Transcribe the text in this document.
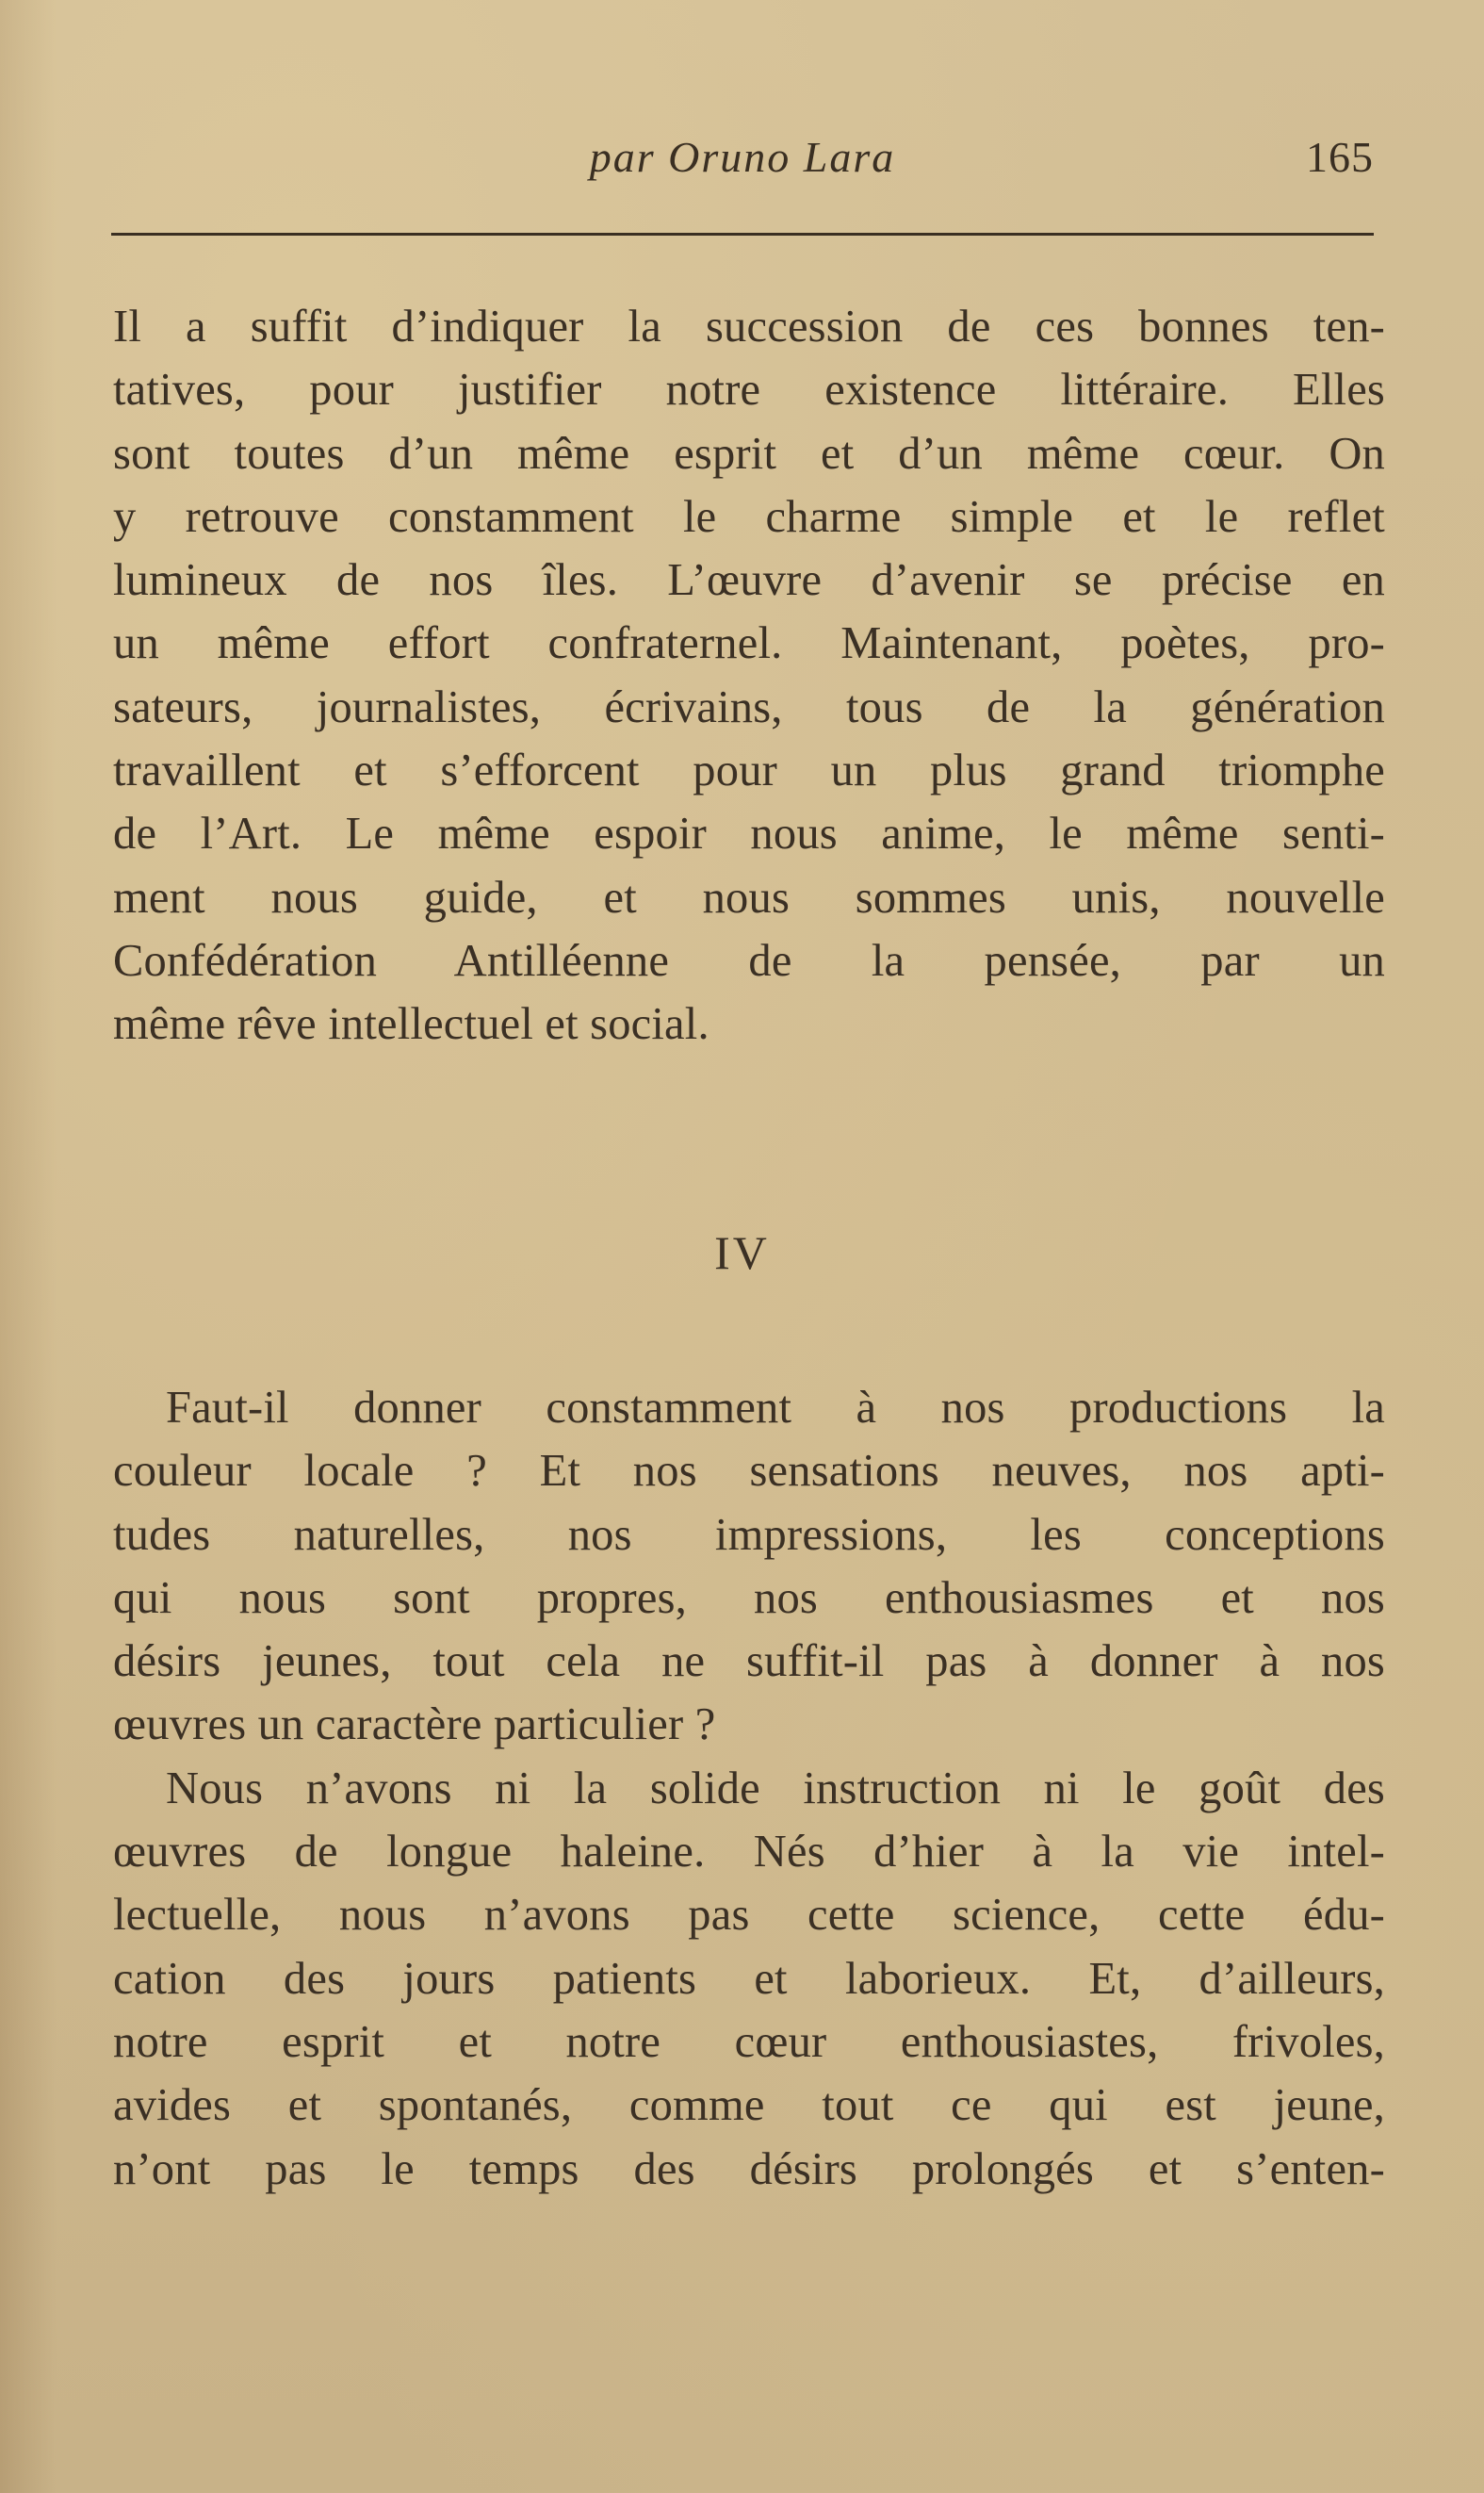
par Oruno Lara	165
Il a suffit d’indiquer la succession de ces bonnes ten-
tatives, pour justifier notre existence littéraire. Elles
sont toutes d’un même esprit et d’un même cœur. On
y retrouve constamment le charme simple et le reflet
lumineux de nos îles. L’œuvre d’avenir se précise en
un même effort confraternel. Maintenant, poètes, pro-
sateurs, journalistes, écrivains, tous de la génération
travaillent et s’efforcent pour un plus grand triomphe
de l’Art. Le même espoir nous anime, le même senti-
ment nous guide, et nous sommes unis, nouvelle
Confédération Antilléenne de la pensée, par un
même rêve intellectuel et social.
IV
Faut-il donner constamment à nos productions la
couleur locale ? Et nos sensations neuves, nos apti-
tudes naturelles, nos impressions, les conceptions
qui nous sont propres, nos enthousiasmes et nos
désirs jeunes, tout cela ne suffit-il pas à donner à nos
œuvres un caractère particulier ?
Nous n’avons ni la solide instruction ni le goût des
œuvres de longue haleine. Nés d’hier à la vie intel-
lectuelle, nous n’avons pas cette science, cette édu-
cation des jours patients et laborieux. Et, d’ailleurs,
notre esprit et notre cœur enthousiastes, frivoles,
avides et spontanés, comme tout ce qui est jeune,
n’ont pas le temps des désirs prolongés et s’enten-
